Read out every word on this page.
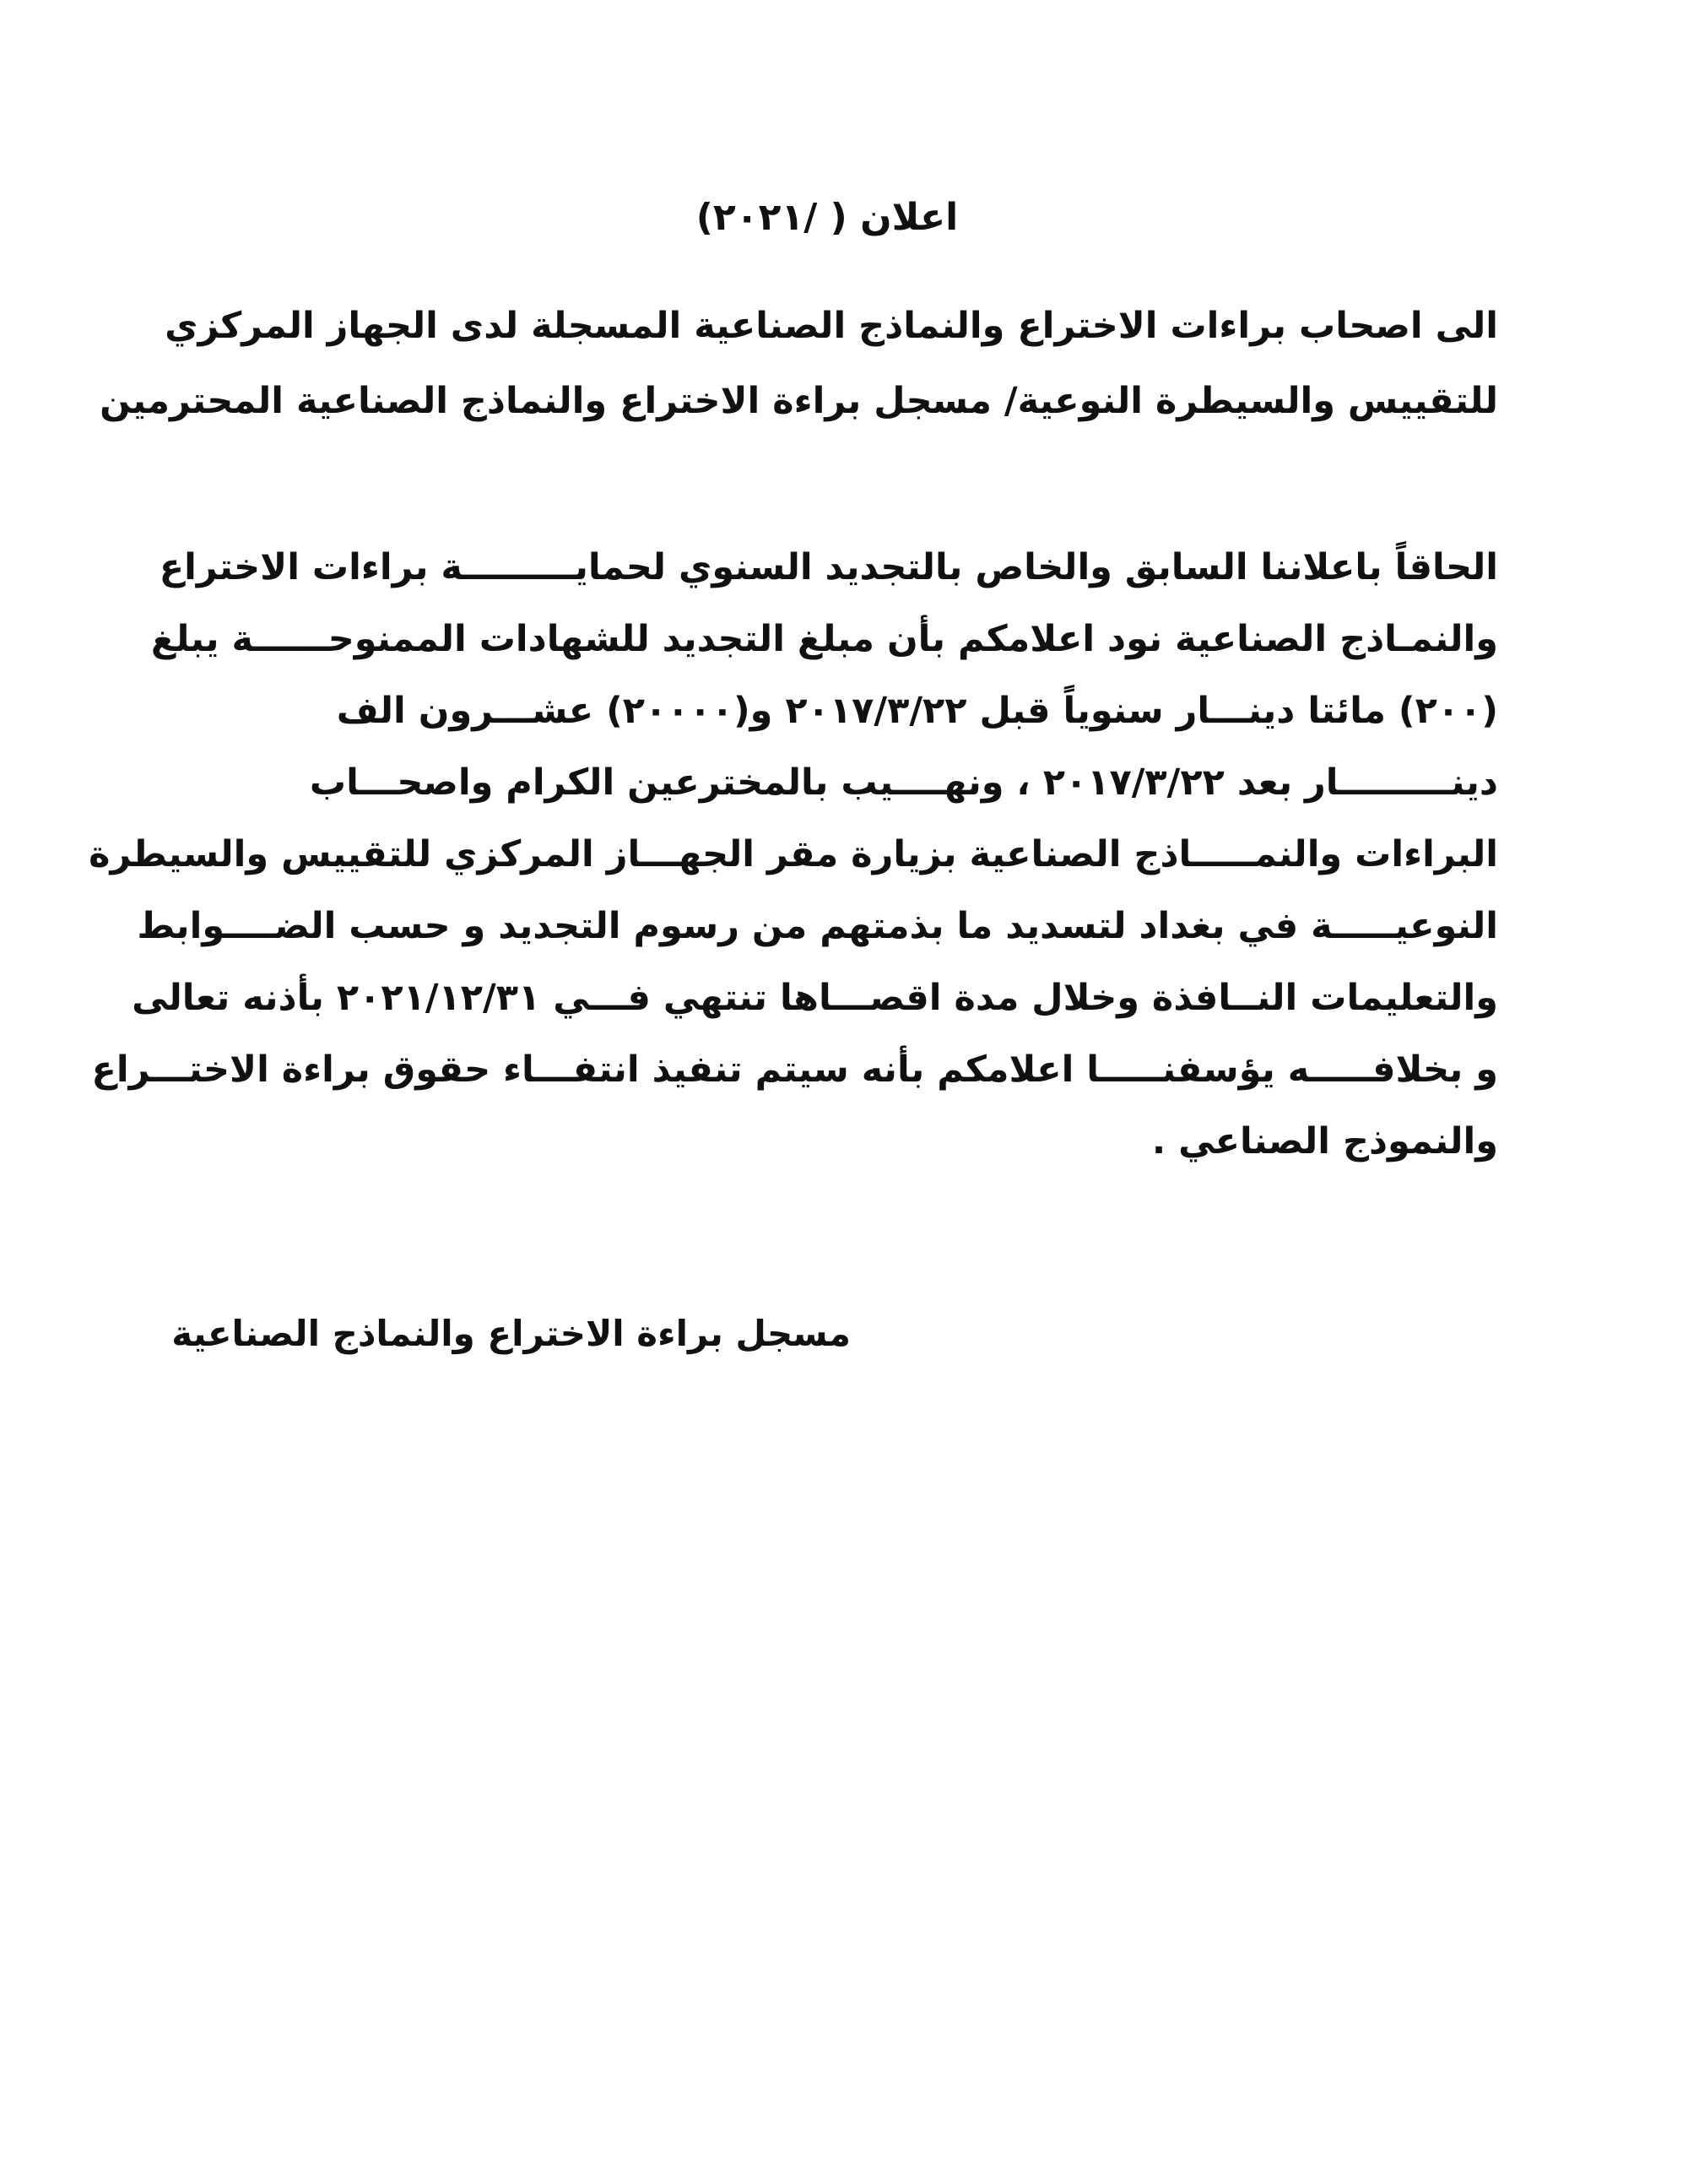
اعلان ( /٢٠٢١)
الى اصحاب براءات الاختراع والنماذج الصناعية المسجلة لدى الجهاز المركزي
للتقييس والسيطرة النوعية/ مسجل براءة الاختراع والنماذج الصناعية المحترمين
الحاقاً باعلاننا السابق والخاص بالتجديد السنوي لحمايـــــــــة براءات الاختراع
والنمـاذج الصناعية نود اعلامكم بأن مبلغ التجديد للشهادات الممنوحــــــة يبلغ
(٢٠٠) مائتا دينـــار سنوياً قبل ٢٠١٧/٣/٢٢ و(٢٠٠٠٠) عشـــرون الف
دينـــــــــار بعد ٢٠١٧/٣/٢٢ ، ونهــــيب بالمخترعين الكرام واصحـــاب
البراءات والنمـــــاذج الصناعية بزيارة مقر الجهـــاز المركزي للتقييس والسيطرة
النوعيـــــة في بغداد لتسديد ما بذمتهم من رسوم التجديد و حسب الضــــوابط
والتعليمات النــافذة وخلال مدة اقصـــاها تنتهي فـــي ٢٠٢١/١٢/٣١ بأذنه تعالى
و بخلافـــــه يؤسفنـــــا اعلامكم بأنه سيتم تنفيذ انتفـــاء حقوق براءة الاختـــراع
والنموذج الصناعي .
مسجل براءة الاختراع والنماذج الصناعية
